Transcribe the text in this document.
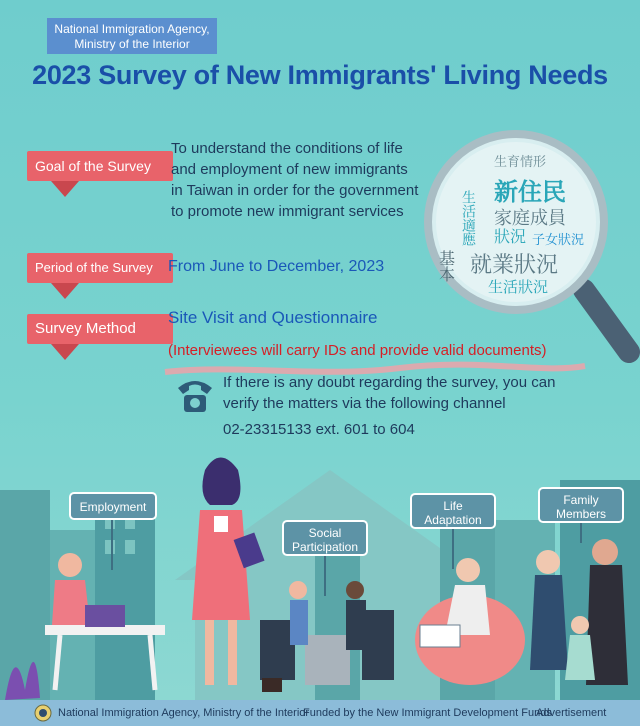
National Immigration Agency,
Ministry of the Interior
2023 Survey of New Immigrants' Living Needs
Goal of the Survey
To understand the conditions of life and employment of new immigrants in Taiwan in order for the government to promote new immigrant services
Period of the Survey From June to December, 2023
Survey Method
Site Visit and Questionnaire
(Interviewees will carry IDs and provide valid documents)
If there is any doubt regarding the survey, you can verify the matters via the following channel
02-23315133 ext. 601 to 604
生育情形
新住民
家庭成員
基本
生活適應 狀況 子女狀況
就業狀況
生活狀況
Employment
Social
Participation
Life
Adaptation
Family
Members
National Immigration Agency, Ministry of the Interior
Funded by the New Immigrant Development Funds
Advertisement
